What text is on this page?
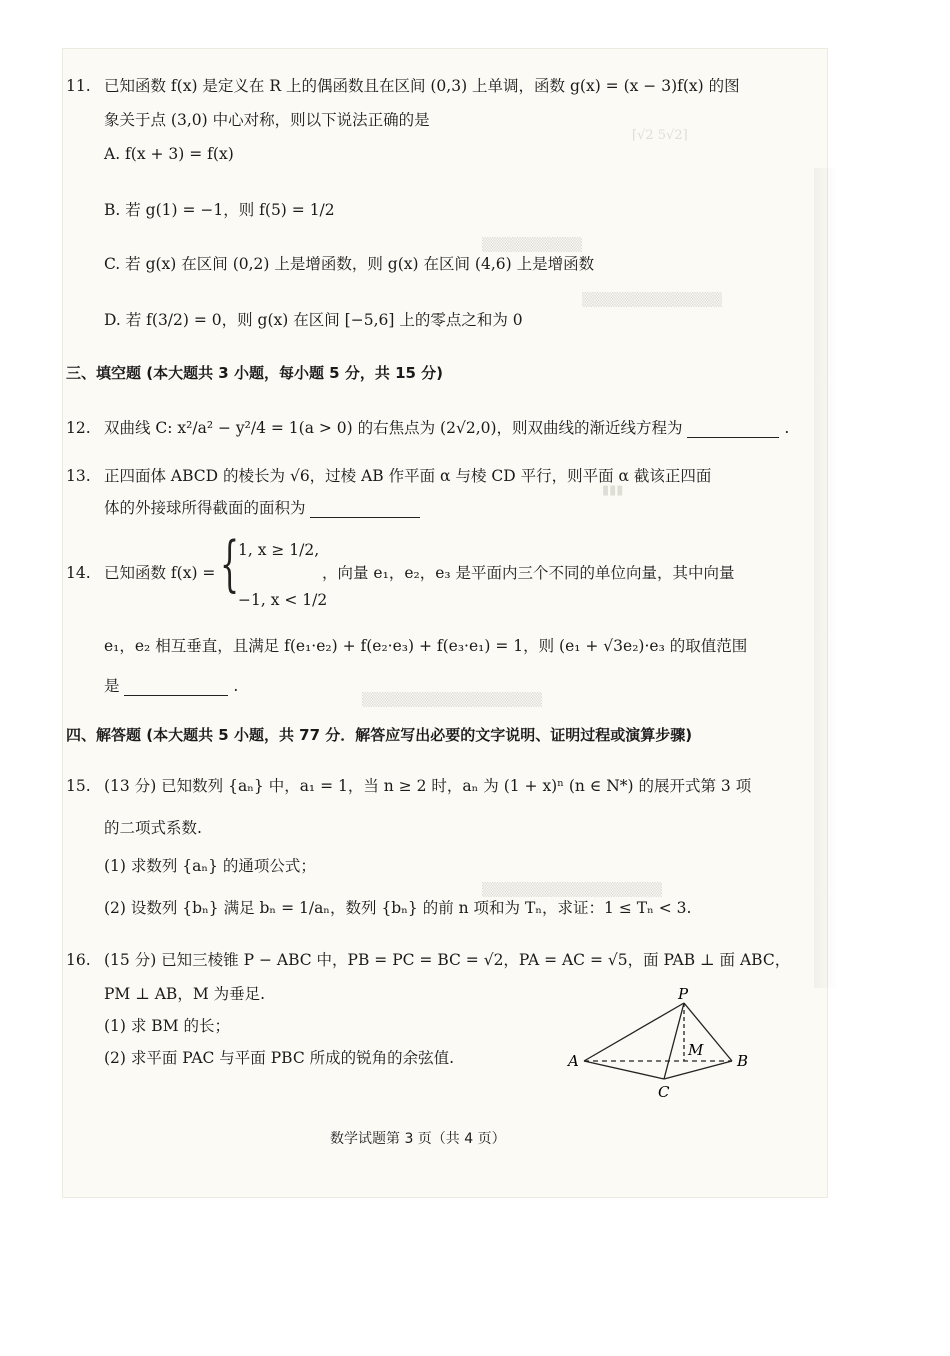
⌈√2 5√2⌉
▒▒▒▒▒▒▒▒▒▒
▒▒▒▒▒▒▒▒▒▒▒▒▒▒
▮▮▮
▒▒▒▒▒▒▒▒▒▒▒▒▒▒▒▒▒▒
▒▒▒▒▒▒▒▒▒▒▒▒▒▒▒▒▒▒
11. 已知函数 f(x) 是定义在 R 上的偶函数且在区间 (0,3) 上单调，函数 g(x) = (x − 3)f(x) 的图
象关于点 (3,0) 中心对称，则以下说法正确的是
A. f(x + 3) = f(x)
B. 若 g(1) = −1，则 f(5) = 1/2
C. 若 g(x) 在区间 (0,2) 上是增函数，则 g(x) 在区间 (4,6) 上是增函数
D. 若 f(3/2) = 0，则 g(x) 在区间 [−5,6] 上的零点之和为 0
三、填空题 (本大题共 3 小题，每小题 5 分，共 15 分)
12. 双曲线 C: x²/a² − y²/4 = 1(a > 0) 的右焦点为 (2√2,0)，则双曲线的渐近线方程为	.
13. 正四面体 ABCD 的棱长为 √6，过棱 AB 作平面 α 与棱 CD 平行，则平面 α 截该正四面
体的外接球所得截面的面积为
14. 已知函数 f(x) = {
1, x ≥ 1/2,
−1, x < 1/2
，向量 e₁，e₂，e₃ 是平面内三个不同的单位向量，其中向量
e₁，e₂ 相互垂直，且满足 f(e₁·e₂) + f(e₂·e₃) + f(e₃·e₁) = 1，则 (e₁ + √3e₂)·e₃ 的取值范围
是	.
四、解答题 (本大题共 5 小题，共 77 分．解答应写出必要的文字说明、证明过程或演算步骤)
15. (13 分) 已知数列 {aₙ} 中，a₁ = 1，当 n ≥ 2 时，aₙ 为 (1 + x)ⁿ (n ∈ N*) 的展开式第 3 项
的二项式系数.
(1) 求数列 {aₙ} 的通项公式；
(2) 设数列 {bₙ} 满足 bₙ = 1/aₙ，数列 {bₙ} 的前 n 项和为 Tₙ，求证：1 ≤ Tₙ < 3.
16. (15 分) 已知三棱锥 P − ABC 中，PB = PC = BC = √2，PA = AC = √5，面 PAB ⊥ 面 ABC，
PM ⊥ AB，M 为垂足.
(1) 求 BM 的长；
(2) 求平面 PAC 与平面 PBC 所成的锐角的余弦值.
P
A	B
C
M
数学试题第 3 页（共 4 页）
